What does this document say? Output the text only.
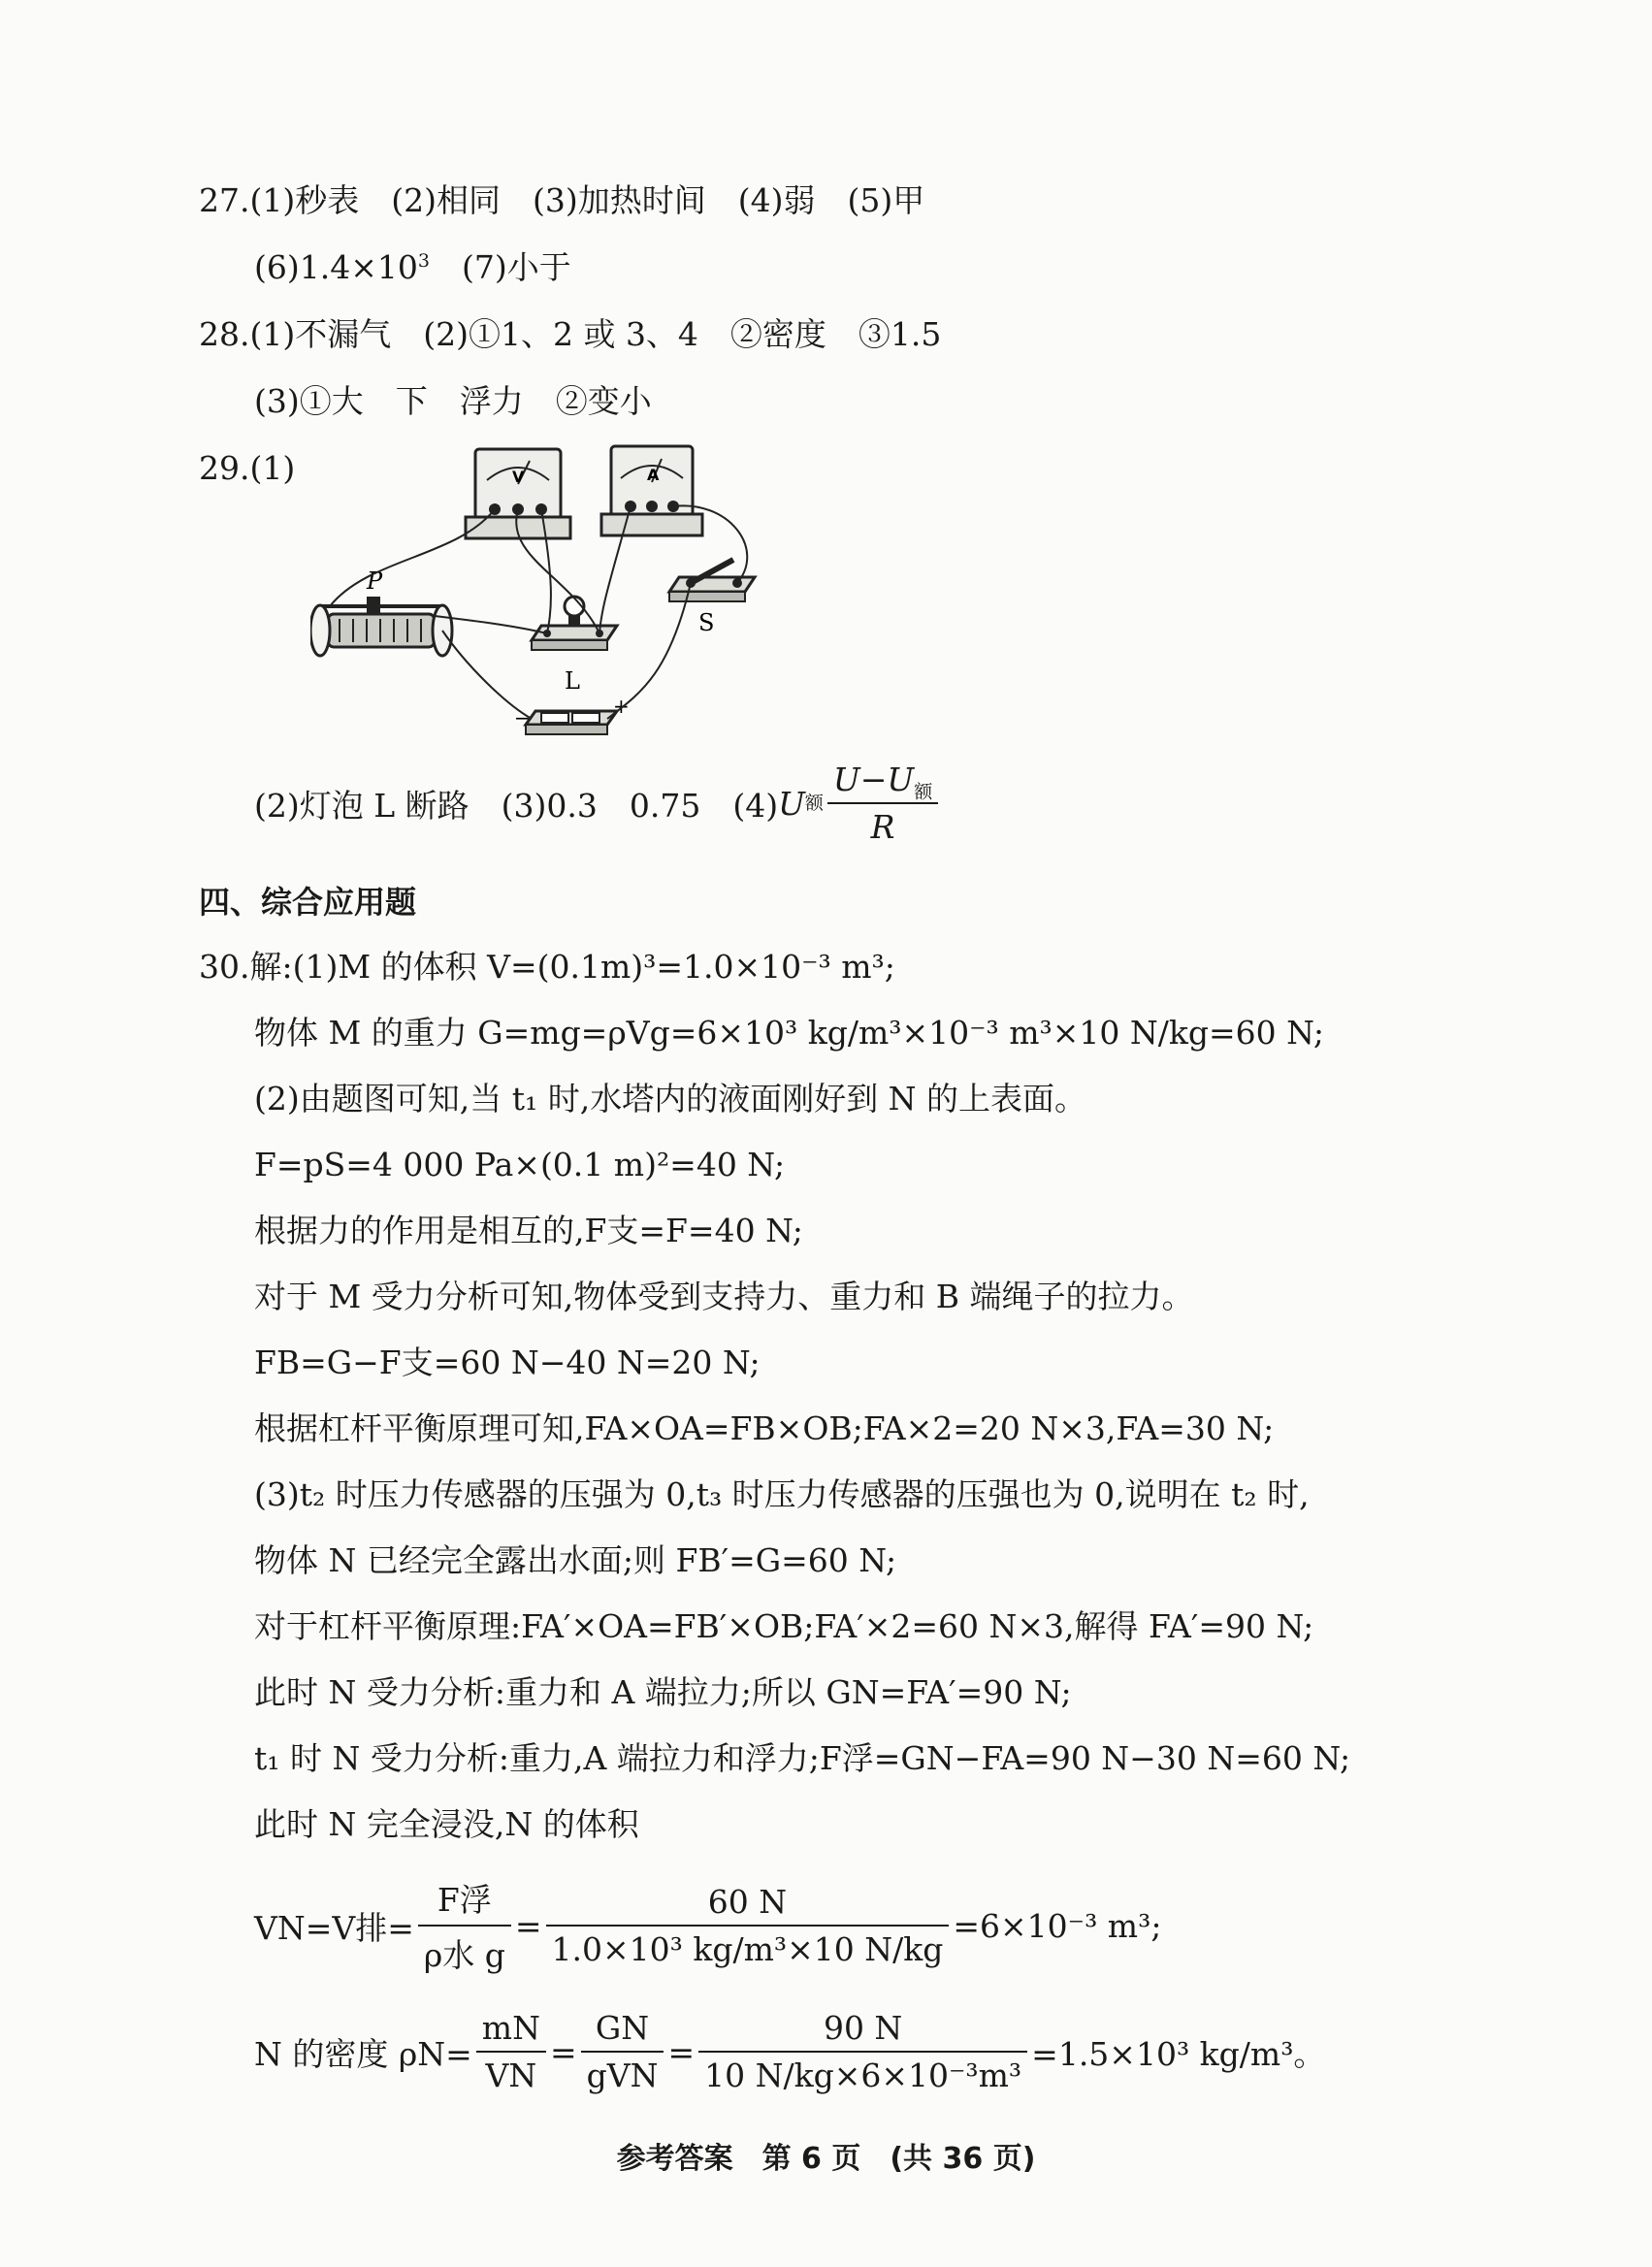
27.(1)秒表　(2)相同　(3)加热时间　(4)弱　(5)甲
$(6)1.4\times 10^3$　(7)小于
28.(1)不漏气　(2)①1、2 或 3、4　②密度　③1.5
(3)①大　下　浮力　②变小
29.(1)	V	A
P
L
S
−	+
(2)灯泡 L 断路　(3)0.3　0.75　(4) U 额 $\frac{U-U_额}{R}$
四、综合应用题
30.解:(1)M 的体积 V=(0.1m)³=1.0×10⁻³ m³;
物体 M 的重力 G=mg=ρVg=6×10³ kg/m³×10⁻³ m³×10 N/kg=60 N;
(2)由题图可知,当 t₁ 时,水塔内的液面刚好到 N 的上表面。
F=pS=4 000 Pa×(0.1 m)²=40 N;
根据力的作用是相互的,F支=F=40 N;
对于 M 受力分析可知,物体受到支持力、重力和 B 端绳子的拉力。
FB=G−F支=60 N−40 N=20 N;
根据杠杆平衡原理可知,FA×OA=FB×OB;FA×2=20 N×3,FA=30 N;
(3)t₂ 时压力传感器的压强为 0,t₃ 时压力传感器的压强也为 0,说明在 t₂ 时,
物体 N 已经完全露出水面;则 FB′=G=60 N;
对于杠杆平衡原理:FA′×OA=FB′×OB;FA′×2=60 N×3,解得 FA′=90 N;
此时 N 受力分析:重力和 A 端拉力;所以 GN=FA′=90 N;
t₁ 时 N 受力分析:重力,A 端拉力和浮力;F浮=GN−FA=90 N−30 N=60 N;
此时 N 完全浸没,N 的体积
VN=V排= $\frac{\text{F浮}}{\text{ρ水 g}} = \frac{60 N}{\text{1.0×10³ kg/m³×10 N/kg}} =6\times 10^{-3}$ m³;
N 的密度 $\rho N= \frac{mN}{VN} = \frac{GN}{\text{gVN}} = \frac{90 N}{\text{10 N/kg×6×10⁻³m³}} =1.5\times 10^3$ kg/m³。
参考答案　第 6 页　(共 36 页)
